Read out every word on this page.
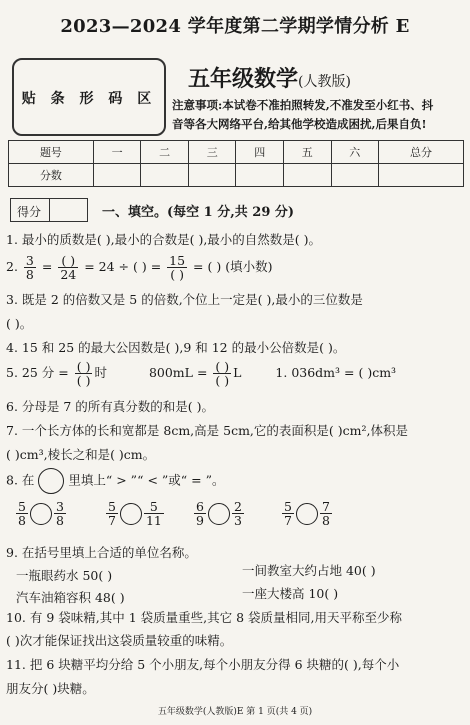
2023—2024 学年度第二学期学情分析 E
贴 条 形 码 区
五年级数学(人教版)
注意事项:本试卷不准拍照转发,不准发至小红书、抖
音等各大网络平台,给其他学校造成困扰,后果自负!
题号	一	二	三	四	五	六	总分
分数							
得分	一、填空。(每空 1 分,共 29 分)
1. 最小的质数是( ),最小的合数是( ),最小的自然数是( )。
2. $\frac{3}{8} = \frac{( )}{24} = 24$ ÷ ( ) = $\frac{15}{( )}$ = ( ) (填小数)
3. 既是 2 的倍数又是 5 的倍数,个位上一定是( ),最小的三位数是
( )。
4. 15 和 25 的最大公因数是( ),9 和 12 的最小公倍数是( )。
5. 25 分 = $\frac{( )}{( )}$ 时	$800mL = \frac{( )}{( )}$ L	1. 036dm³ = ( )cm³
6. 分母是 7 的所有真分数的和是( )。
7. 一个长方体的长和宽都是 8cm,高是 5cm,它的表面积是( )cm²,体积是
( )cm³,棱长之和是( )cm。
8. 在	里填上“ > ”“ < ”或“ = ”。
$\frac{5}{8} \frac{3}{8}$	$\frac{5}{7} \frac{5}{11} \frac{6}{9} \frac{2}{3}$	$\frac{5}{7} \frac{7}{8}$
9. 在括号里填上合适的单位名称。
一瓶眼药水 50( )	一间教室大约占地 40( )
汽车油箱容积 48( )	一座大楼高 10( )
10. 有 9 袋味精,其中 1 袋质量重些,其它 8 袋质量相同,用天平称至少称
( )次才能保证找出这袋质量较重的味精。
11. 把 6 块糖平均分给 5 个小朋友,每个小朋友分得 6 块糖的( ),每个小
朋友分( )块糖。
五年级数学(人教版)E 第 1 页(共 4 页)
